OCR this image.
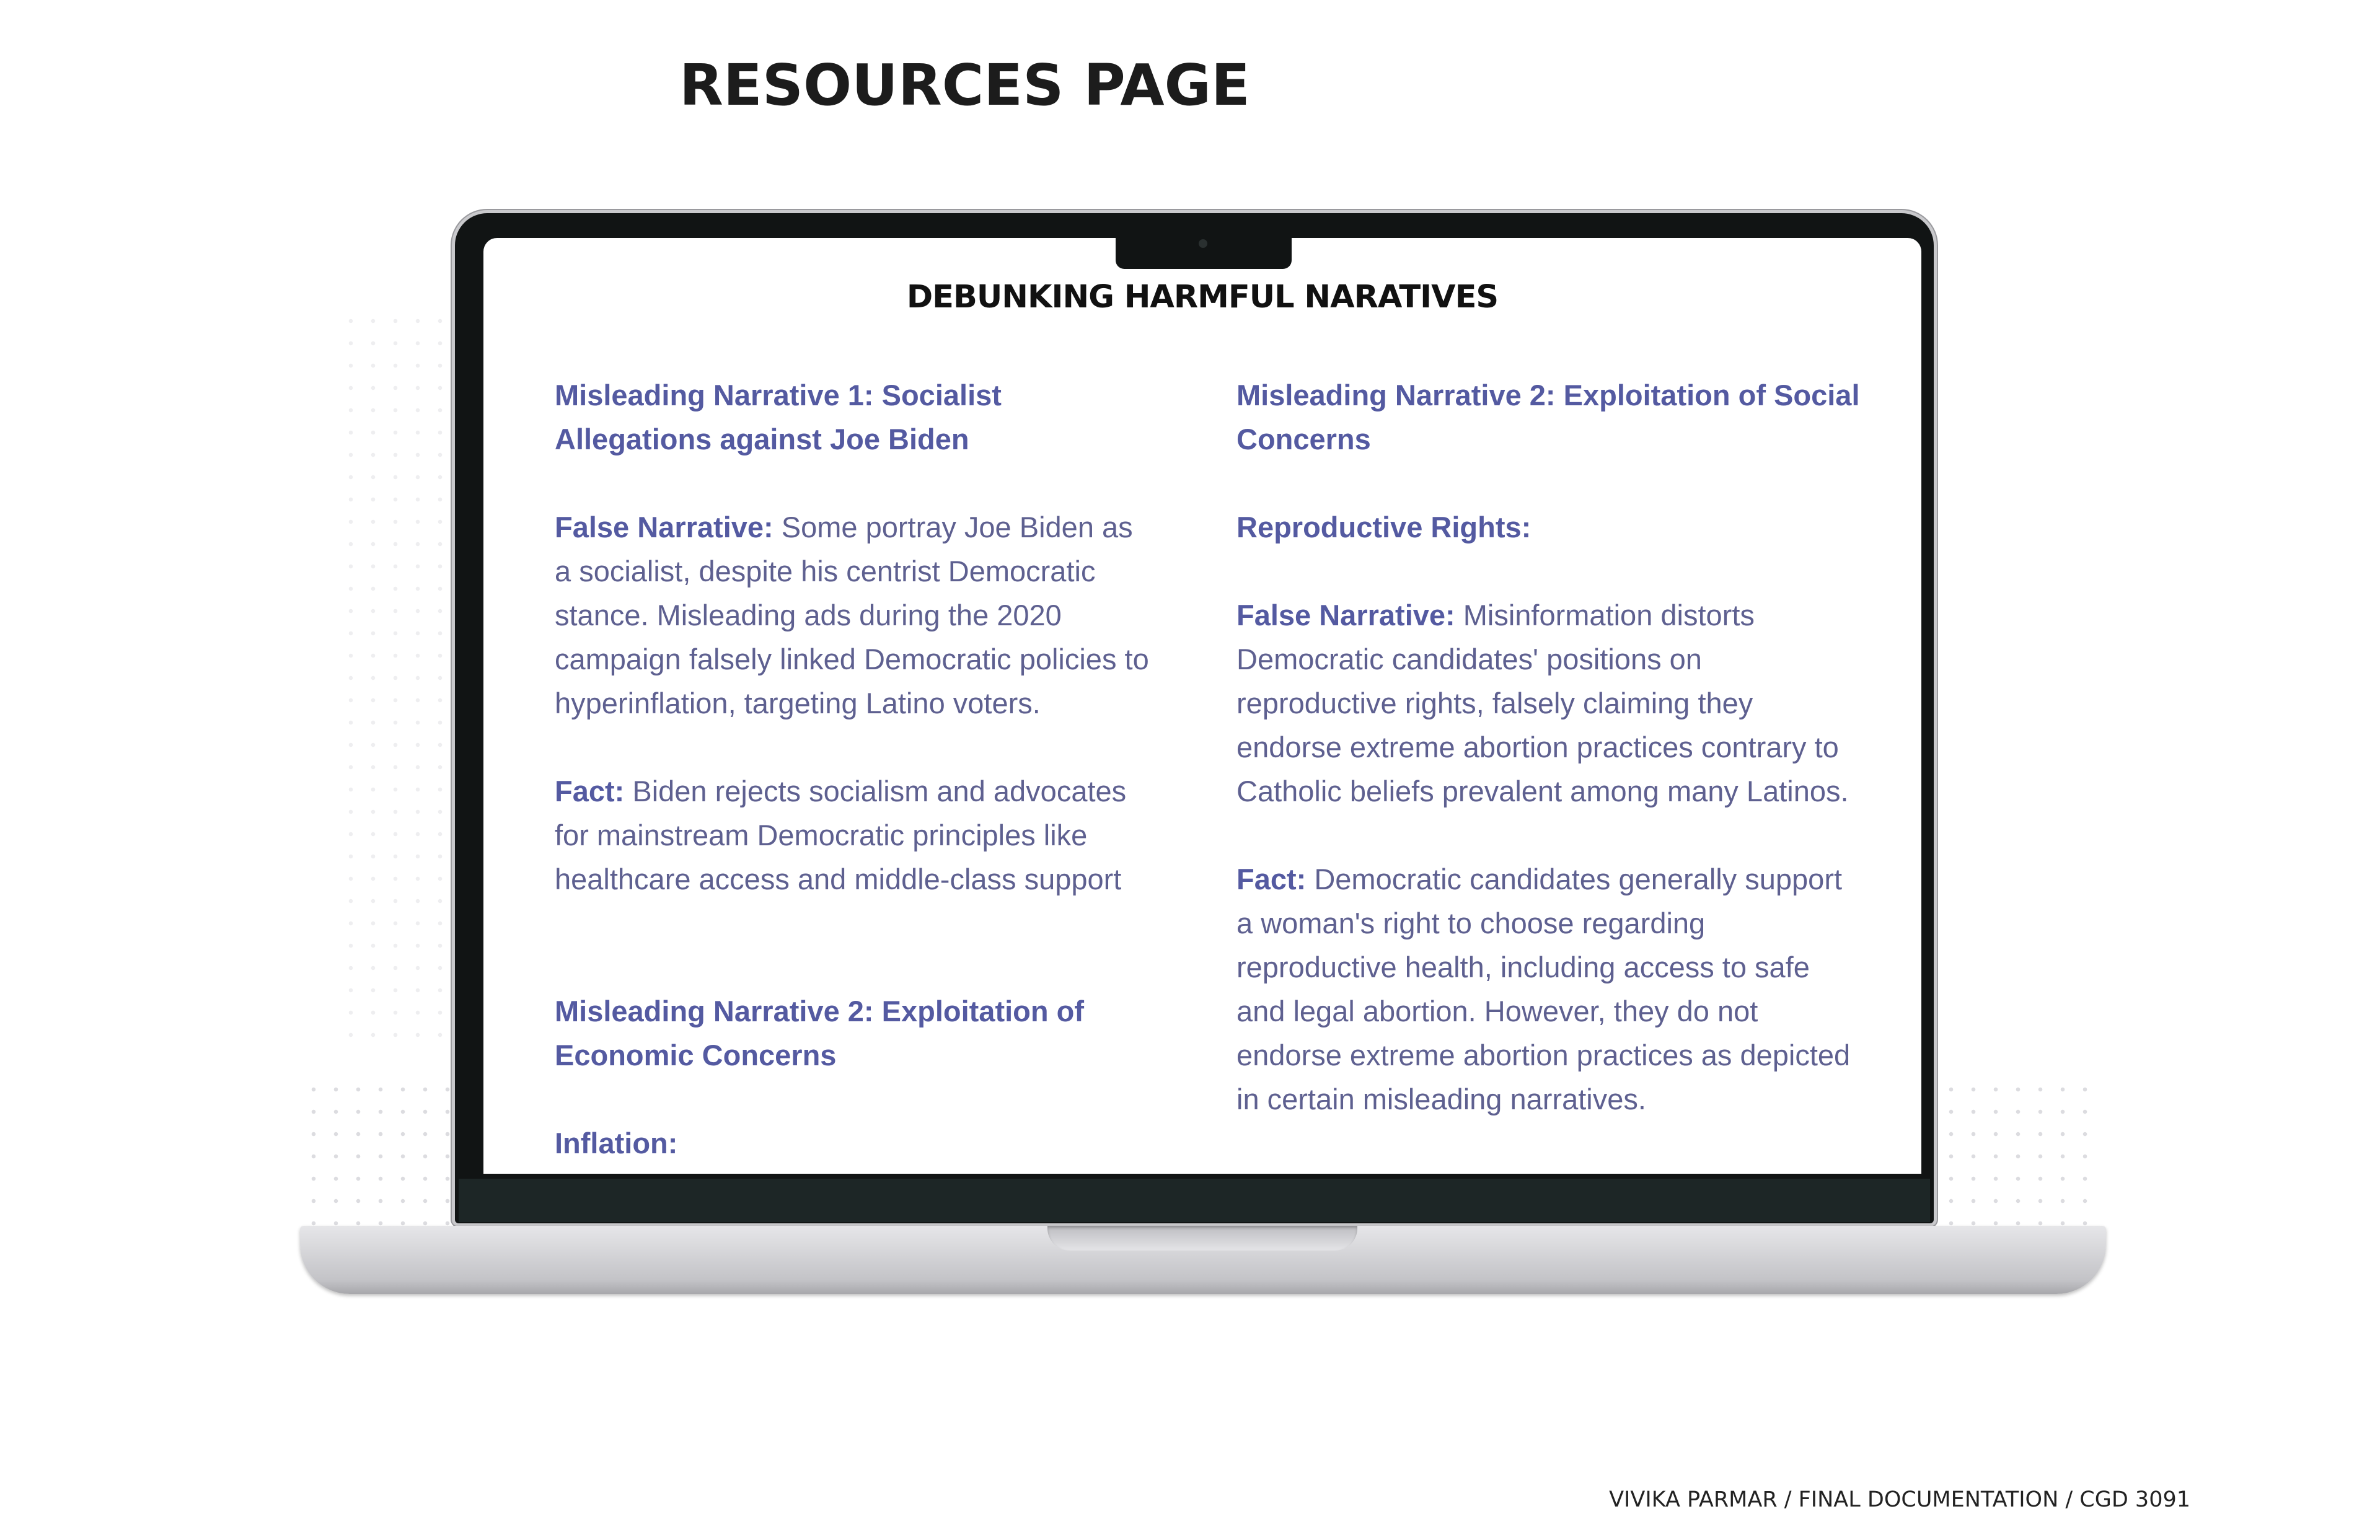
RESOURCES PAGE
DEBUNKING HARMFUL NARATIVES

Misleading Narrative 1: Socialist Allegations against Joe Biden

False Narrative: Some portray Joe Biden as a socialist, despite his centrist Democratic stance. Misleading ads during the 2020 campaign falsely linked Democratic policies to hyperinflation, targeting Latino voters.

Fact: Biden rejects socialism and advocates for mainstream Democratic principles like healthcare access and middle-class support

Misleading Narrative 2: Exploitation of Economic Concerns

Inflation:

Misleading Narrative 2: Exploitation of Social Concerns

Reproductive Rights:

False Narrative: Misinformation distorts Democratic candidates' positions on reproductive rights, falsely claiming they endorse extreme abortion practices contrary to Catholic beliefs prevalent among many Latinos.

Fact: Democratic candidates generally support a woman's right to choose regarding reproductive health, including access to safe and legal abortion. However, they do not endorse extreme abortion practices as depicted in certain misleading narratives.

VIVIKA PARMAR / FINAL DOCUMENTATION / CGD 3091
